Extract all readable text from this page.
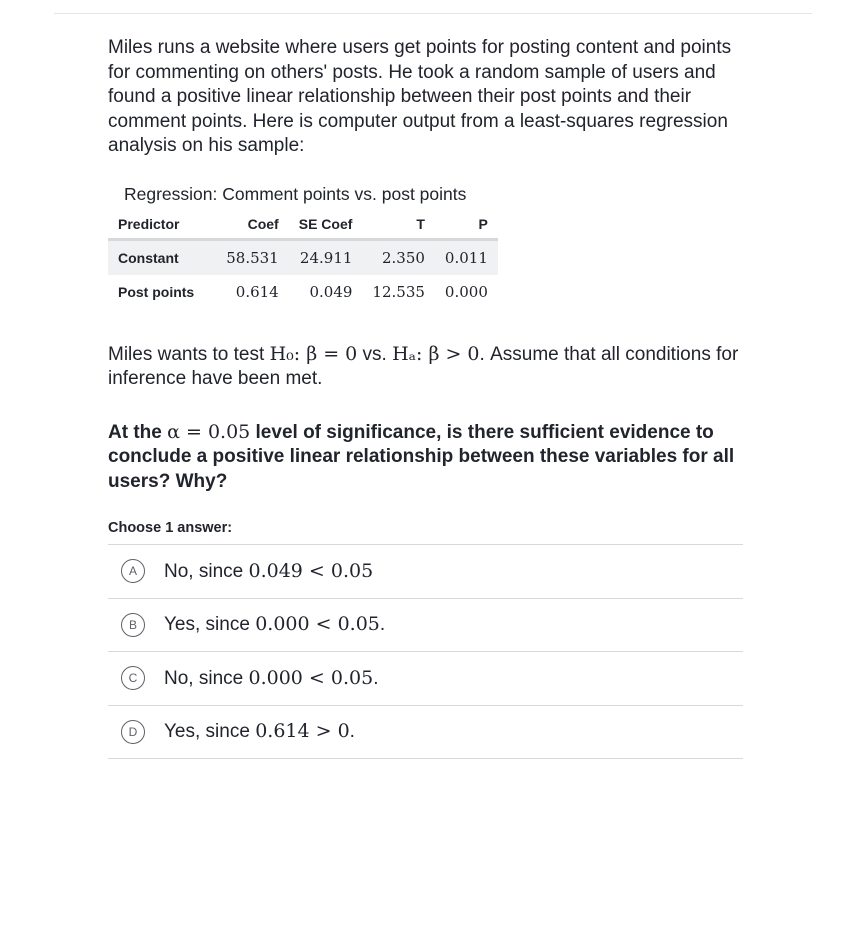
Miles runs a website where users get points for posting content and points for commenting on others' posts. He took a random sample of users and found a positive linear relationship between their post points and their comment points. Here is computer output from a least-squares regression analysis on his sample:

Regression: Comment points vs. post points
Predictor	Coef	SE Coef	T	P
Constant	58.531	24.911	2.350	0.011
Post points	0.614	0.049	12.535	0.000

Miles wants to test H₀: β = 0 vs. Hₐ: β > 0. Assume that all conditions for inference have been met.

At the α = 0.05 level of significance, is there sufficient evidence to conclude a positive linear relationship between these variables for all users? Why?

Choose 1 answer:
A	No, since 0.049 < 0.05
B	Yes, since 0.000 < 0.05.
C	No, since 0.000 < 0.05.
D	Yes, since 0.614 > 0.
